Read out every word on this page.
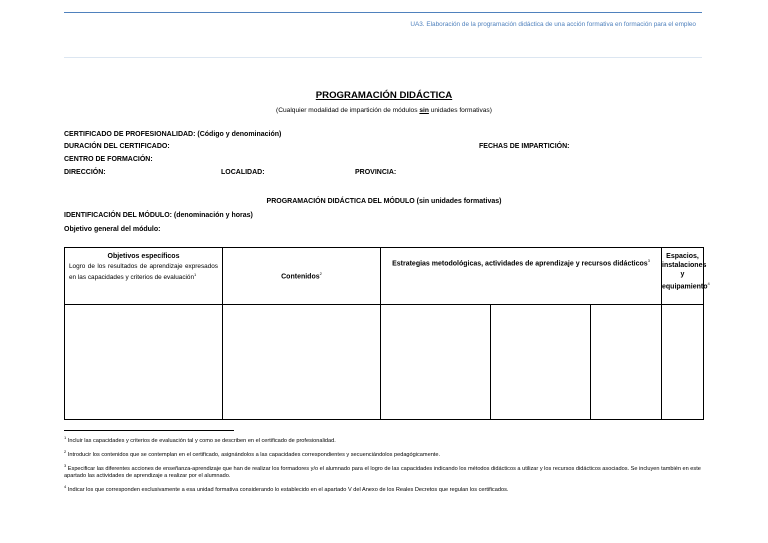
UA3. Elaboración de la programación didáctica de una acción formativa en formación para el empleo
PROGRAMACIÓN DIDÁCTICA
(Cualquier modalidad de impartición de módulos sin unidades formativas)
CERTIFICADO DE PROFESIONALIDAD: (Código y denominación)
DURACIÓN DEL CERTIFICADO:	FECHAS DE IMPARTICIÓN:
CENTRO DE FORMACIÓN:
DIRECCIÓN:	LOCALIDAD:	PROVINCIA:
PROGRAMACIÓN DIDÁCTICA DEL MÓDULO (sin unidades formativas)
IDENTIFICACIÓN DEL MÓDULO: (denominación y horas)
Objetivo general del módulo:
Objetivos específicos
Logro de los resultados de aprendizaje expresados en las capacidades y criterios de evaluación$^1$	Contenidos$^2$	Estrategias metodológicas, actividades de aprendizaje y recursos didácticos$^3$			Espacios, instalaciones y equipamiento$^4$

$^1$ Incluir las capacidades y criterios de evaluación tal y como se describen en el certificado de profesionalidad.

$^2$ Introducir los contenidos que se contemplan en el certificado, asignándolos a las capacidades correspondientes y secuenciándolos pedagógicamente.

$^3$ Especificar las diferentes acciones de enseñanza-aprendizaje que han de realizar los formadores y/o el alumnado para el logro de las capacidades indicando los métodos didácticos a utilizar y los recursos didácticos asociados. Se incluyen también en este apartado las actividades de aprendizaje a realizar por el alumnado.

$^4$ Indicar los que corresponden exclusivamente a esa unidad formativa considerando lo establecido en el apartado V del Anexo de los Reales Decretos que regulan los certificados.
